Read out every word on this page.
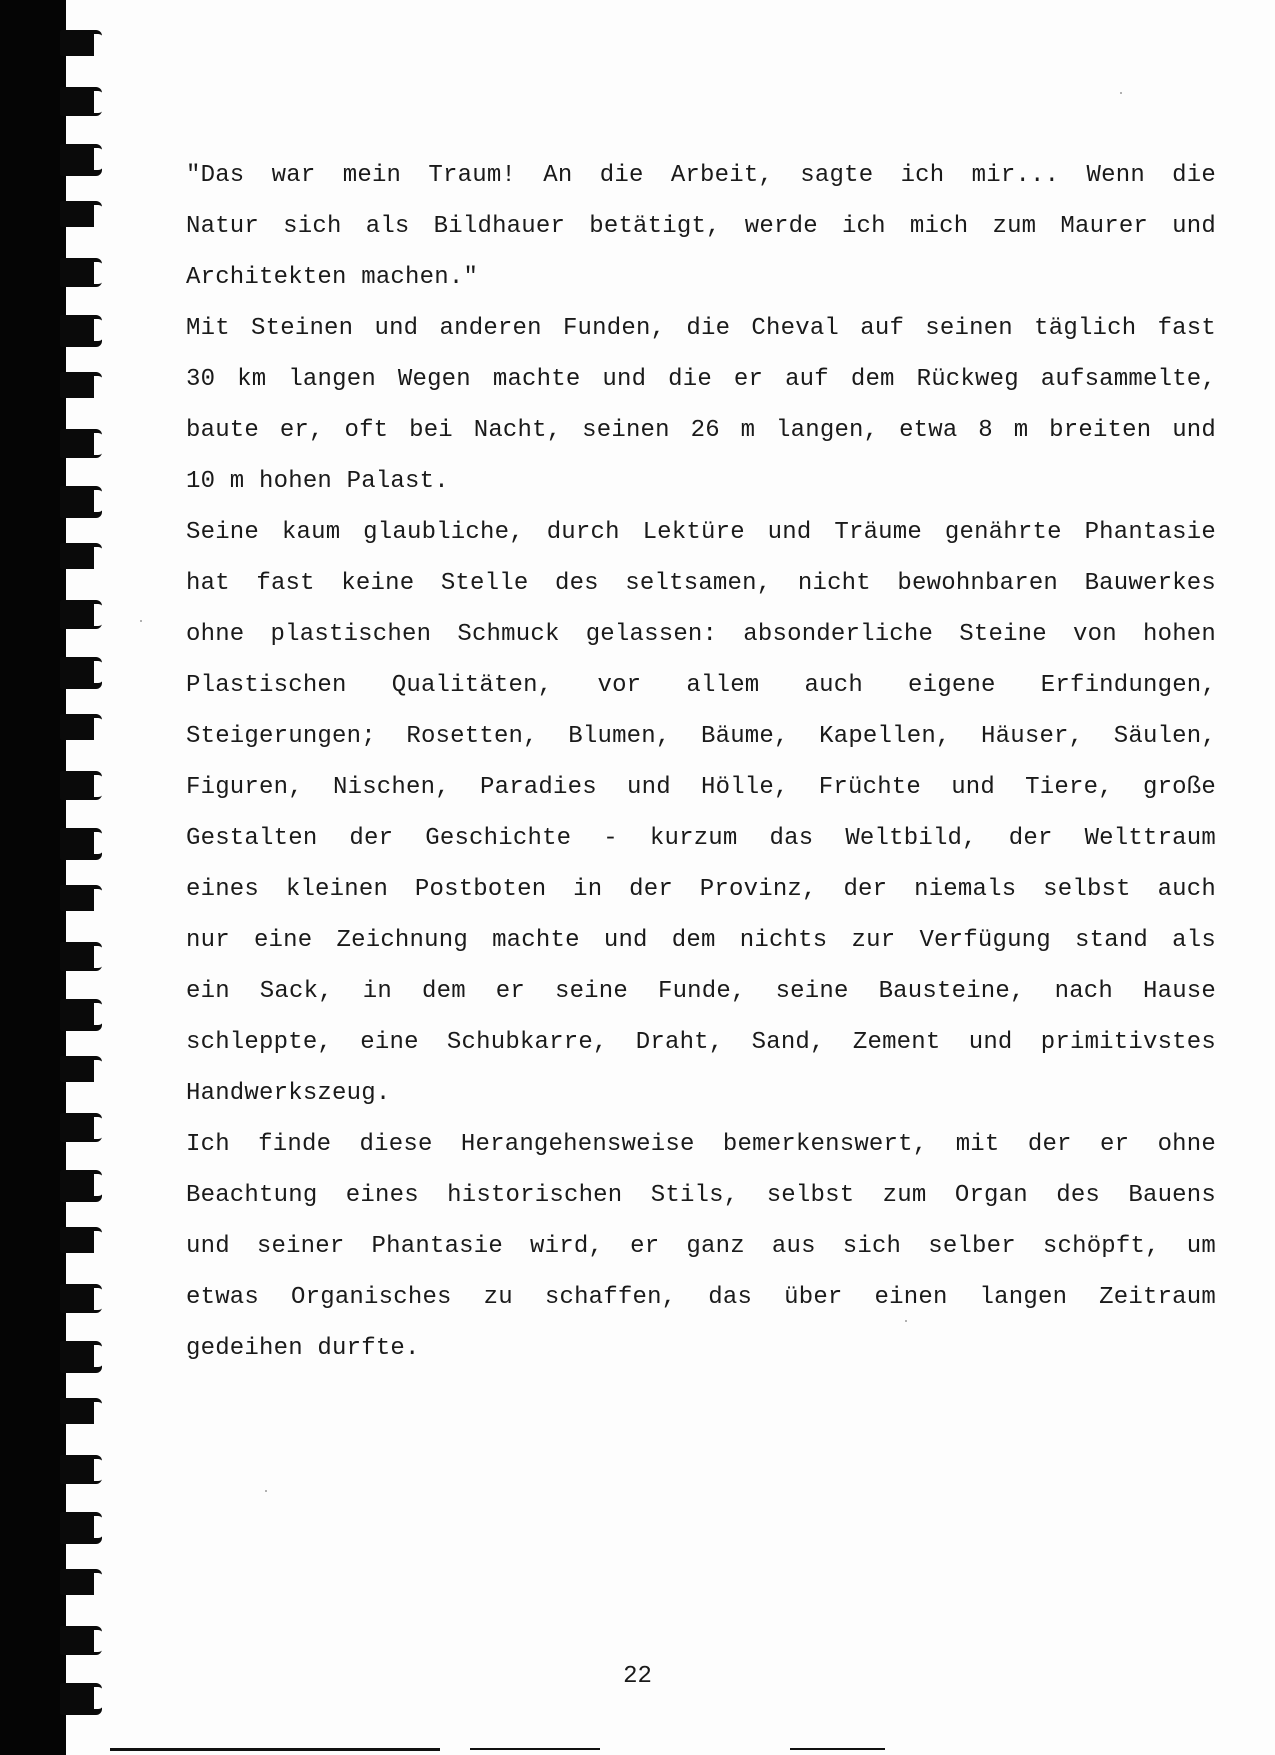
"Das war mein Traum! An die Arbeit, sagte ich mir... Wenn die
Natur sich als Bildhauer betätigt, werde ich mich zum Maurer und
Architekten machen."
Mit Steinen und anderen Funden, die Cheval auf seinen täglich fast
30 km langen Wegen machte und die er auf dem Rückweg aufsammelte,
baute er, oft bei Nacht, seinen 26 m langen, etwa 8 m breiten und
10 m hohen Palast.
Seine kaum glaubliche, durch Lektüre und Träume genährte Phantasie
hat fast keine Stelle des seltsamen, nicht bewohnbaren Bauwerkes
ohne plastischen Schmuck gelassen: absonderliche Steine von hohen
Plastischen Qualitäten, vor allem auch eigene Erfindungen,
Steigerungen; Rosetten, Blumen, Bäume, Kapellen, Häuser, Säulen,
Figuren, Nischen, Paradies und Hölle, Früchte und Tiere, große
Gestalten der Geschichte - kurzum das Weltbild, der Welttraum
eines kleinen Postboten in der Provinz, der niemals selbst auch
nur eine Zeichnung machte und dem nichts zur Verfügung stand als
ein Sack, in dem er seine Funde, seine Bausteine, nach Hause
schleppte, eine Schubkarre, Draht, Sand, Zement und primitivstes
Handwerkszeug.
Ich finde diese Herangehensweise bemerkenswert, mit der er ohne
Beachtung eines historischen Stils, selbst zum Organ des Bauens
und seiner Phantasie wird, er ganz aus sich selber schöpft, um
etwas Organisches zu schaffen, das über einen langen Zeitraum
gedeihen durfte.
22
